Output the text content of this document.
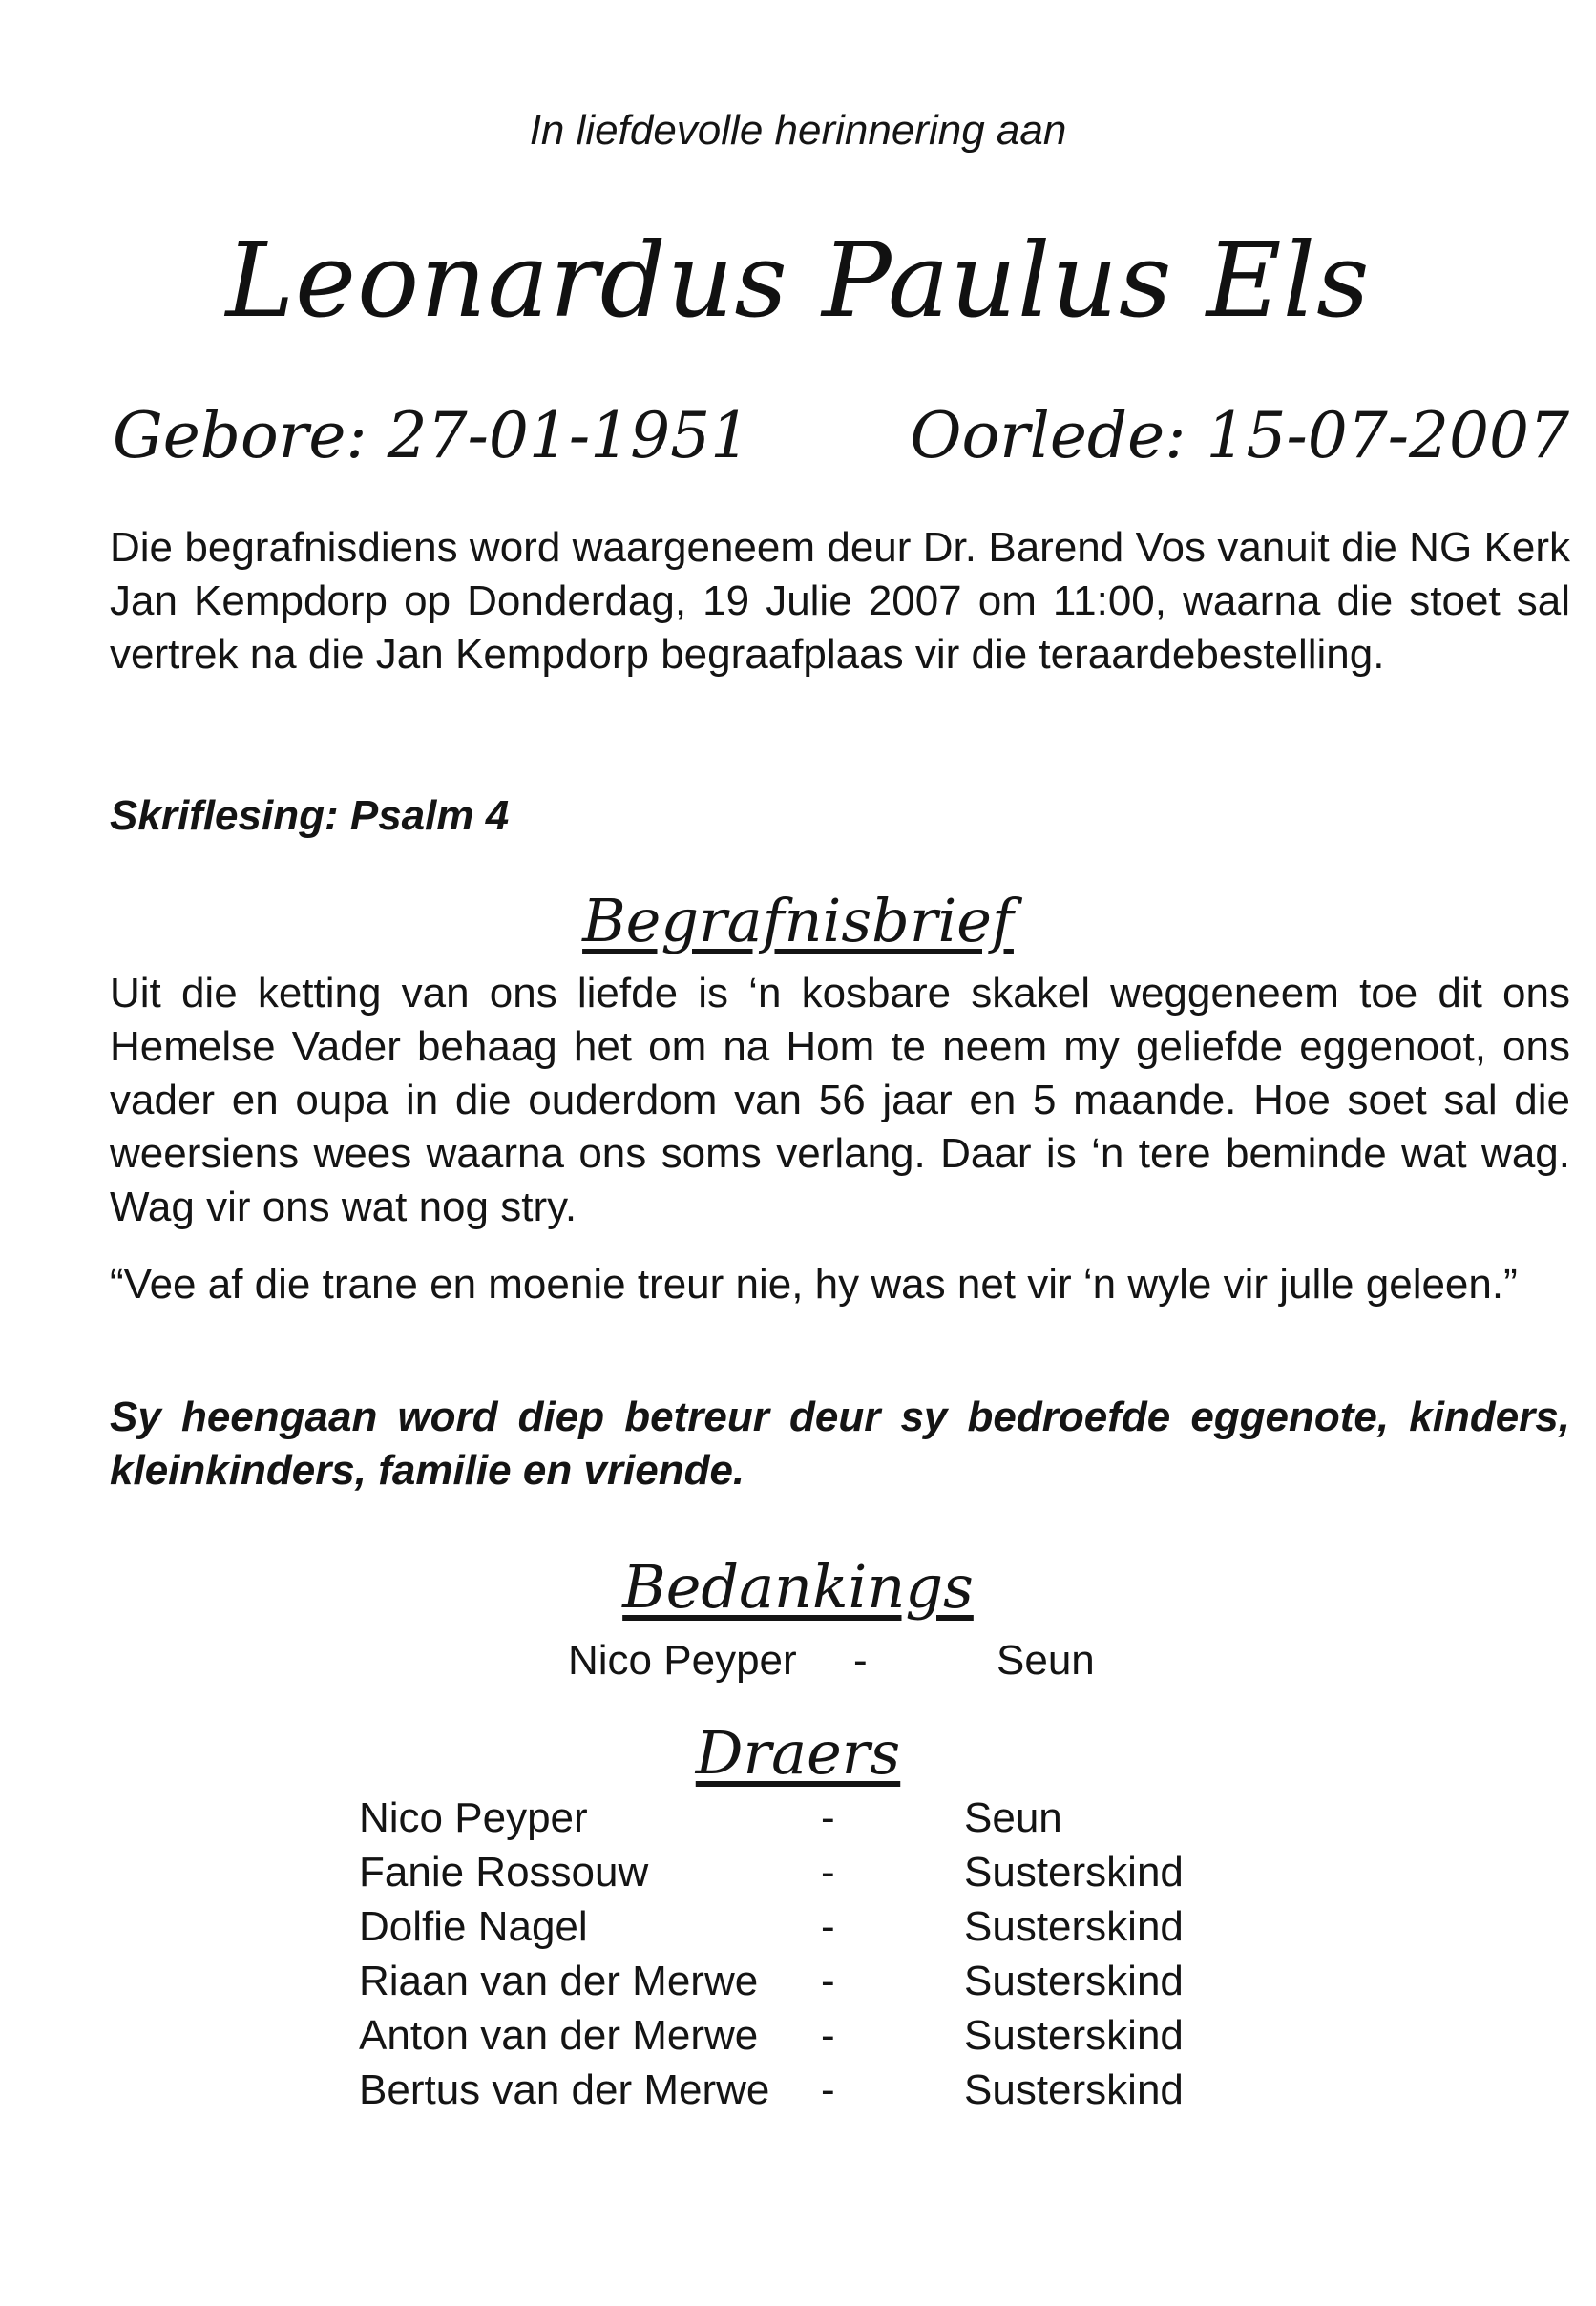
In liefdevolle herinnering aan

Leonardus Paulus Els
Gebore: 27-01-1951	Oorlede: 15-07-2007

Die begrafnisdiens word waargeneem deur Dr. Barend Vos vanuit die NG Kerk Jan Kempdorp op Donderdag, 19 Julie 2007 om 11:00, waarna die stoet sal vertrek na die Jan Kempdorp begraafplaas vir die teraardebestelling.

Skriflesing: Psalm 4

Begrafnisbrief

Uit die ketting van ons liefde is ‘n kosbare skakel weggeneem toe dit ons Hemelse Vader behaag het om na Hom te neem my geliefde eggenoot, ons vader en oupa in die ouderdom van 56 jaar en 5 maande. Hoe soet sal die weersiens wees waarna ons soms verlang. Daar is ‘n tere beminde wat wag. Wag vir ons wat nog stry.

“Vee af die trane en moenie treur nie, hy was net vir ‘n wyle vir julle geleen.”

Sy heengaan word diep betreur deur sy bedroefde eggenote, kinders, kleinkinders, familie en vriende.

Bedankings
Nico Peyper -	Seun
Draers
Nico Peyper	-	Seun
Fanie Rossouw	-	Susterskind
Dolfie Nagel	-	Susterskind
Riaan van der Merwe -	Susterskind
Anton van der Merwe -	Susterskind
Bertus van der Merwe -	Susterskind
